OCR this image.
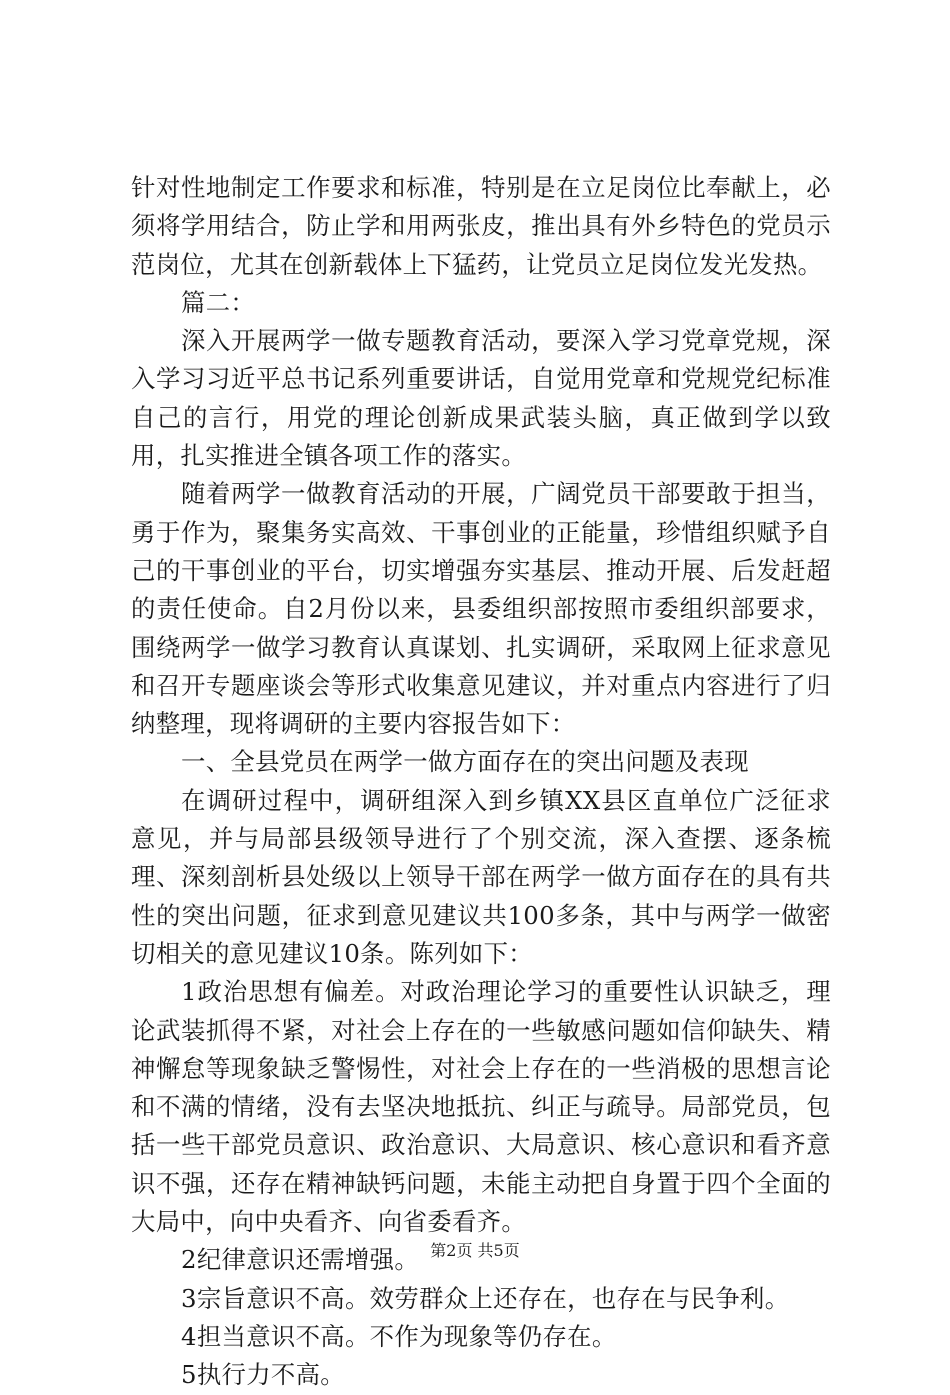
针对性地制定工作要求和标准，特别是在立足岗位比奉献上，必须将学用结合，防止学和用两张皮，推出具有外乡特色的党员示范岗位，尤其在创新载体上下猛药，让党员立足岗位发光发热。

篇二：

深入开展两学一做专题教育活动，要深入学习党章党规，深入学习习近平总书记系列重要讲话，自觉用党章和党规党纪标准自己的言行，用党的理论创新成果武装头脑，真正做到学以致用，扎实推进全镇各项工作的落实。

随着两学一做教育活动的开展，广阔党员干部要敢于担当，勇于作为，聚集务实高效、干事创业的正能量，珍惜组织赋予自己的干事创业的平台，切实增强夯实基层、推动开展、后发赶超的责任使命。自2月份以来，县委组织部按照市委组织部要求，围绕两学一做学习教育认真谋划、扎实调研，采取网上征求意见和召开专题座谈会等形式收集意见建议，并对重点内容进行了归纳整理，现将调研的主要内容报告如下：

一、全县党员在两学一做方面存在的突出问题及表现

在调研过程中，调研组深入到乡镇XX县区直单位广泛征求意见，并与局部县级领导进行了个别交流，深入查摆、逐条梳理、深刻剖析县处级以上领导干部在两学一做方面存在的具有共性的突出问题，征求到意见建议共100多条，其中与两学一做密切相关的意见建议10条。陈列如下：

1政治思想有偏差。对政治理论学习的重要性认识缺乏，理论武装抓得不紧，对社会上存在的一些敏感问题如信仰缺失、精神懈怠等现象缺乏警惕性，对社会上存在的一些消极的思想言论和不满的情绪，没有去坚决地抵抗、纠正与疏导。局部党员，包括一些干部党员意识、政治意识、大局意识、核心意识和看齐意识不强，还存在精神缺钙问题，未能主动把自身置于四个全面的大局中，向中央看齐、向省委看齐。

2纪律意识还需增强。

3宗旨意识不高。效劳群众上还存在，也存在与民争利。

4担当意识不高。不作为现象等仍存在。

5执行力不高。

第2页 共5页
